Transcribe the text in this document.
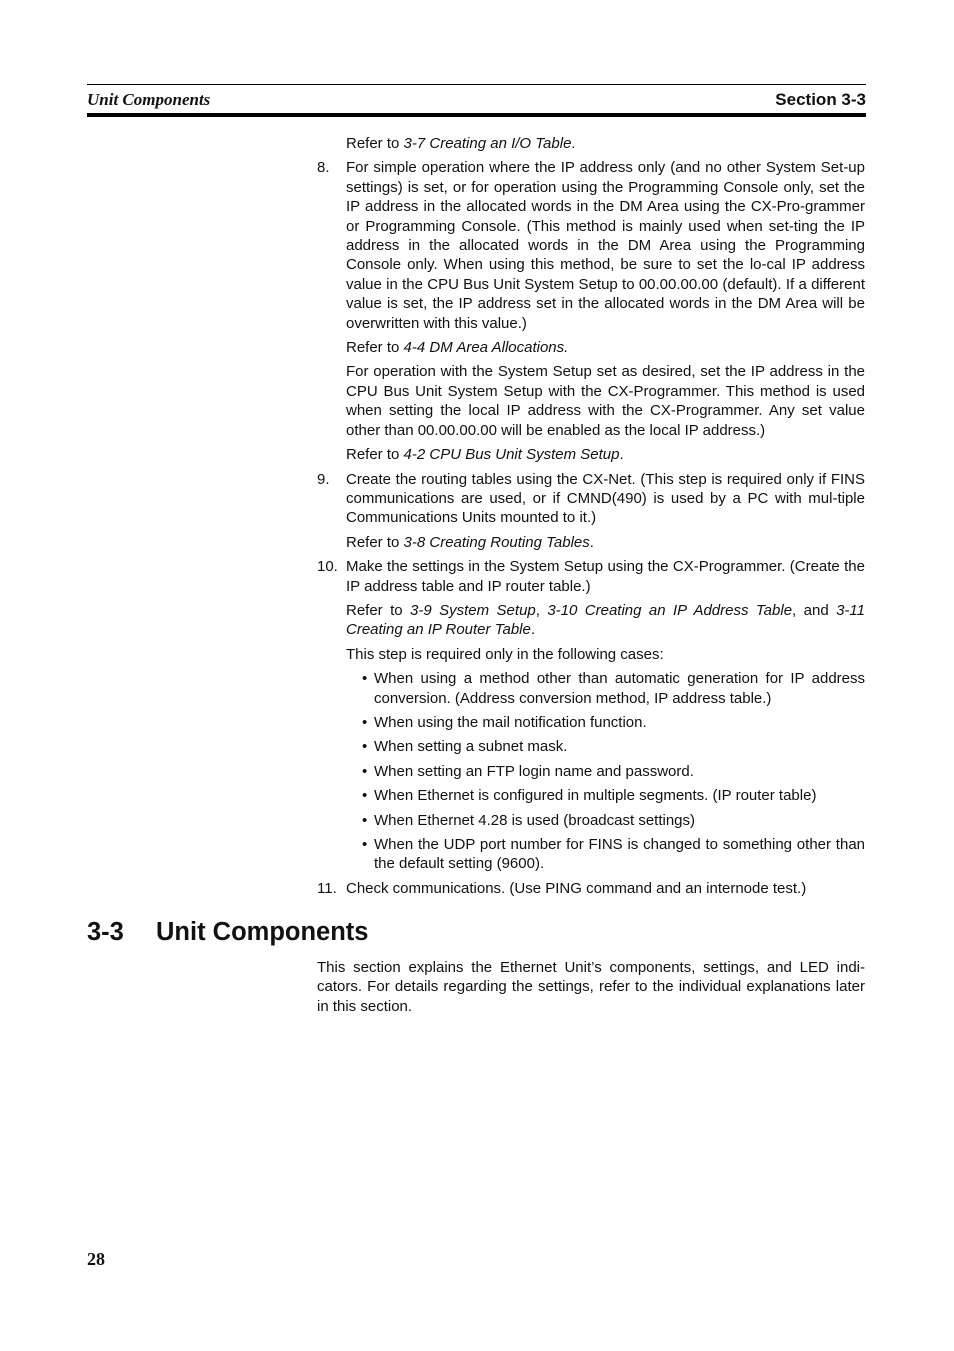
Unit Components	Section 3-3

Refer to 3-7 Creating an I/O Table.

8.	For simple operation where the IP address only (and no other System Set-up settings) is set, or for operation using the Programming Console only, set the IP address in the allocated words in the DM Area using the CX-Pro-grammer or Programming Console. (This method is mainly used when set-ting the IP address in the allocated words in the DM Area using the Programming Console only. When using this method, be sure to set the lo-cal IP address value in the CPU Bus Unit System Setup to 00.00.00.00 (default). If a different value is set, the IP address set in the allocated words in the DM Area will be overwritten with this value.)

Refer to 4-4 DM Area Allocations.

For operation with the System Setup set as desired, set the IP address in the CPU Bus Unit System Setup with the CX-Programmer. This method is used when setting the local IP address with the CX-Programmer. Any set value other than 00.00.00.00 will be enabled as the local IP address.)

Refer to 4-2 CPU Bus Unit System Setup.

9.	Create the routing tables using the CX-Net. (This step is required only if FINS communications are used, or if CMND(490) is used by a PC with mul-tiple Communications Units mounted to it.)

Refer to 3-8 Creating Routing Tables.

10. Make the settings in the System Setup using the CX-Programmer. (Create the IP address table and IP router table.)

Refer to 3-9 System Setup, 3-10 Creating an IP Address Table, and 3-11 Creating an IP Router Table.

This step is required only in the following cases:

• When using a method other than automatic generation for IP address conversion. (Address conversion method, IP address table.)
• When using the mail notification function.
• When setting a subnet mask.
• When setting an FTP login name and password.
• When Ethernet is configured in multiple segments. (IP router table)
• When Ethernet 4.28 is used (broadcast settings)
• When the UDP port number for FINS is changed to something other than the default setting (9600).
11. Check communications. (Use PING command and an internode test.)

3-3	Unit Components

This section explains the Ethernet Unit’s components, settings, and LED indi-cators. For details regarding the settings, refer to the individual explanations later in this section.

28
